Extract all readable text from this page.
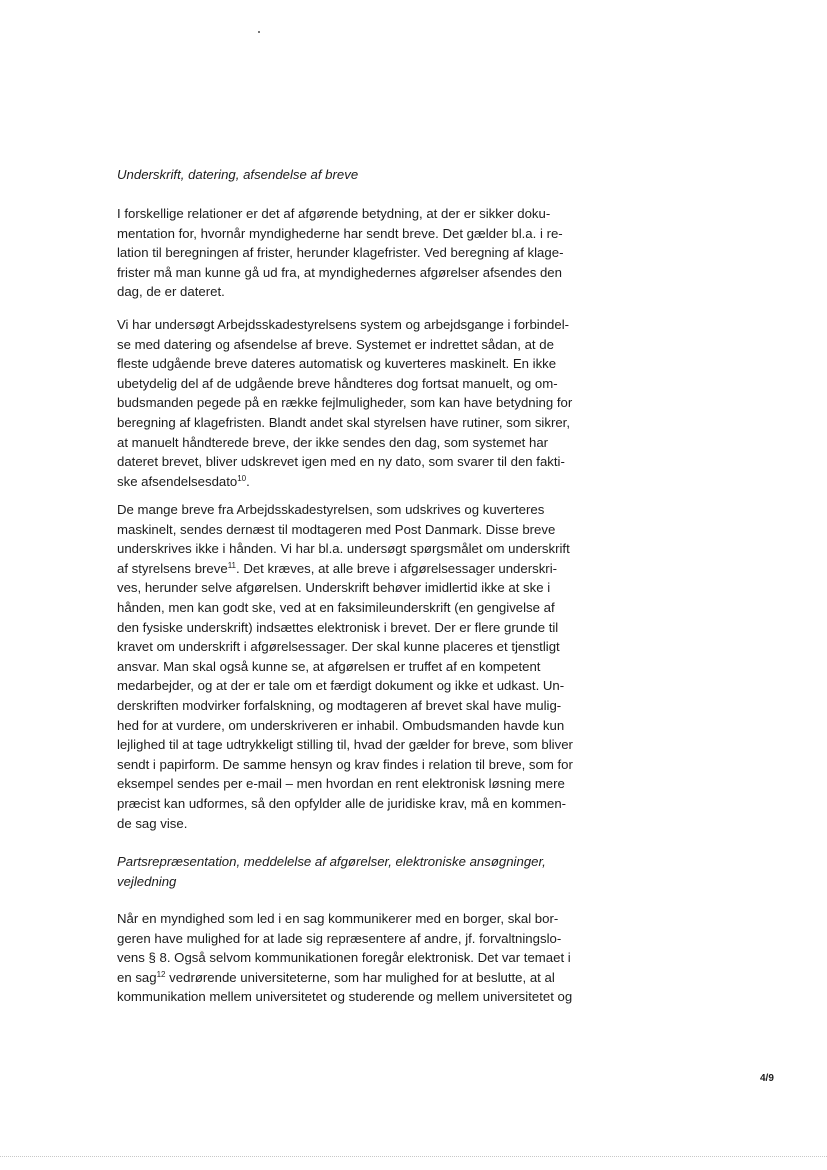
Underskrift, datering, afsendelse af breve

I forskellige relationer er det af afgørende betydning, at der er sikker doku-
mentation for, hvornår myndighederne har sendt breve. Det gælder bl.a. i re-
lation til beregningen af frister, herunder klagefrister. Ved beregning af klage-
frister må man kunne gå ud fra, at myndighedernes afgørelser afsendes den
dag, de er dateret.

Vi har undersøgt Arbejdsskadestyrelsens system og arbejdsgange i forbindel-
se med datering og afsendelse af breve. Systemet er indrettet sådan, at de
fleste udgående breve dateres automatisk og kuverteres maskinelt. En ikke
ubetydelig del af de udgående breve håndteres dog fortsat manuelt, og om-
budsmanden pegede på en række fejlmuligheder, som kan have betydning for
beregning af klagefristen. Blandt andet skal styrelsen have rutiner, som sikrer,
at manuelt håndterede breve, der ikke sendes den dag, som systemet har
dateret brevet, bliver udskrevet igen med en ny dato, som svarer til den fakti-
ske afsendelsesdato$^{10}$.

De mange breve fra Arbejdsskadestyrelsen, som udskrives og kuverteres
maskinelt, sendes dernæst til modtageren med Post Danmark. Disse breve
underskrives ikke i hånden. Vi har bl.a. undersøgt spørgsmålet om underskrift
af styrelsens breve$^{11}$. Det kræves, at alle breve i afgørelsessager underskri-
ves, herunder selve afgørelsen. Underskrift behøver imidlertid ikke at ske i
hånden, men kan godt ske, ved at en faksimileunderskrift (en gengivelse af
den fysiske underskrift) indsættes elektronisk i brevet. Der er flere grunde til
kravet om underskrift i afgørelsessager. Der skal kunne placeres et tjenstligt
ansvar. Man skal også kunne se, at afgørelsen er truffet af en kompetent
medarbejder, og at der er tale om et færdigt dokument og ikke et udkast. Un-
derskriften modvirker forfalskning, og modtageren af brevet skal have mulig-
hed for at vurdere, om underskriveren er inhabil. Ombudsmanden havde kun
lejlighed til at tage udtrykkeligt stilling til, hvad der gælder for breve, som bliver
sendt i papirform. De samme hensyn og krav findes i relation til breve, som for
eksempel sendes per e-mail – men hvordan en rent elektronisk løsning mere
præcist kan udformes, så den opfylder alle de juridiske krav, må en kommen-
de sag vise.

Partsrepræsentation, meddelelse af afgørelser, elektroniske ansøgninger,
vejledning

Når en myndighed som led i en sag kommunikerer med en borger, skal bor-
geren have mulighed for at lade sig repræsentere af andre, jf. forvaltningslo-
vens § 8. Også selvom kommunikationen foregår elektronisk. Det var temaet i
en sag$^{12}$ vedrørende universiteterne, som har mulighed for at beslutte, at al
kommunikation mellem universitetet og studerende og mellem universitetet og

4/9
